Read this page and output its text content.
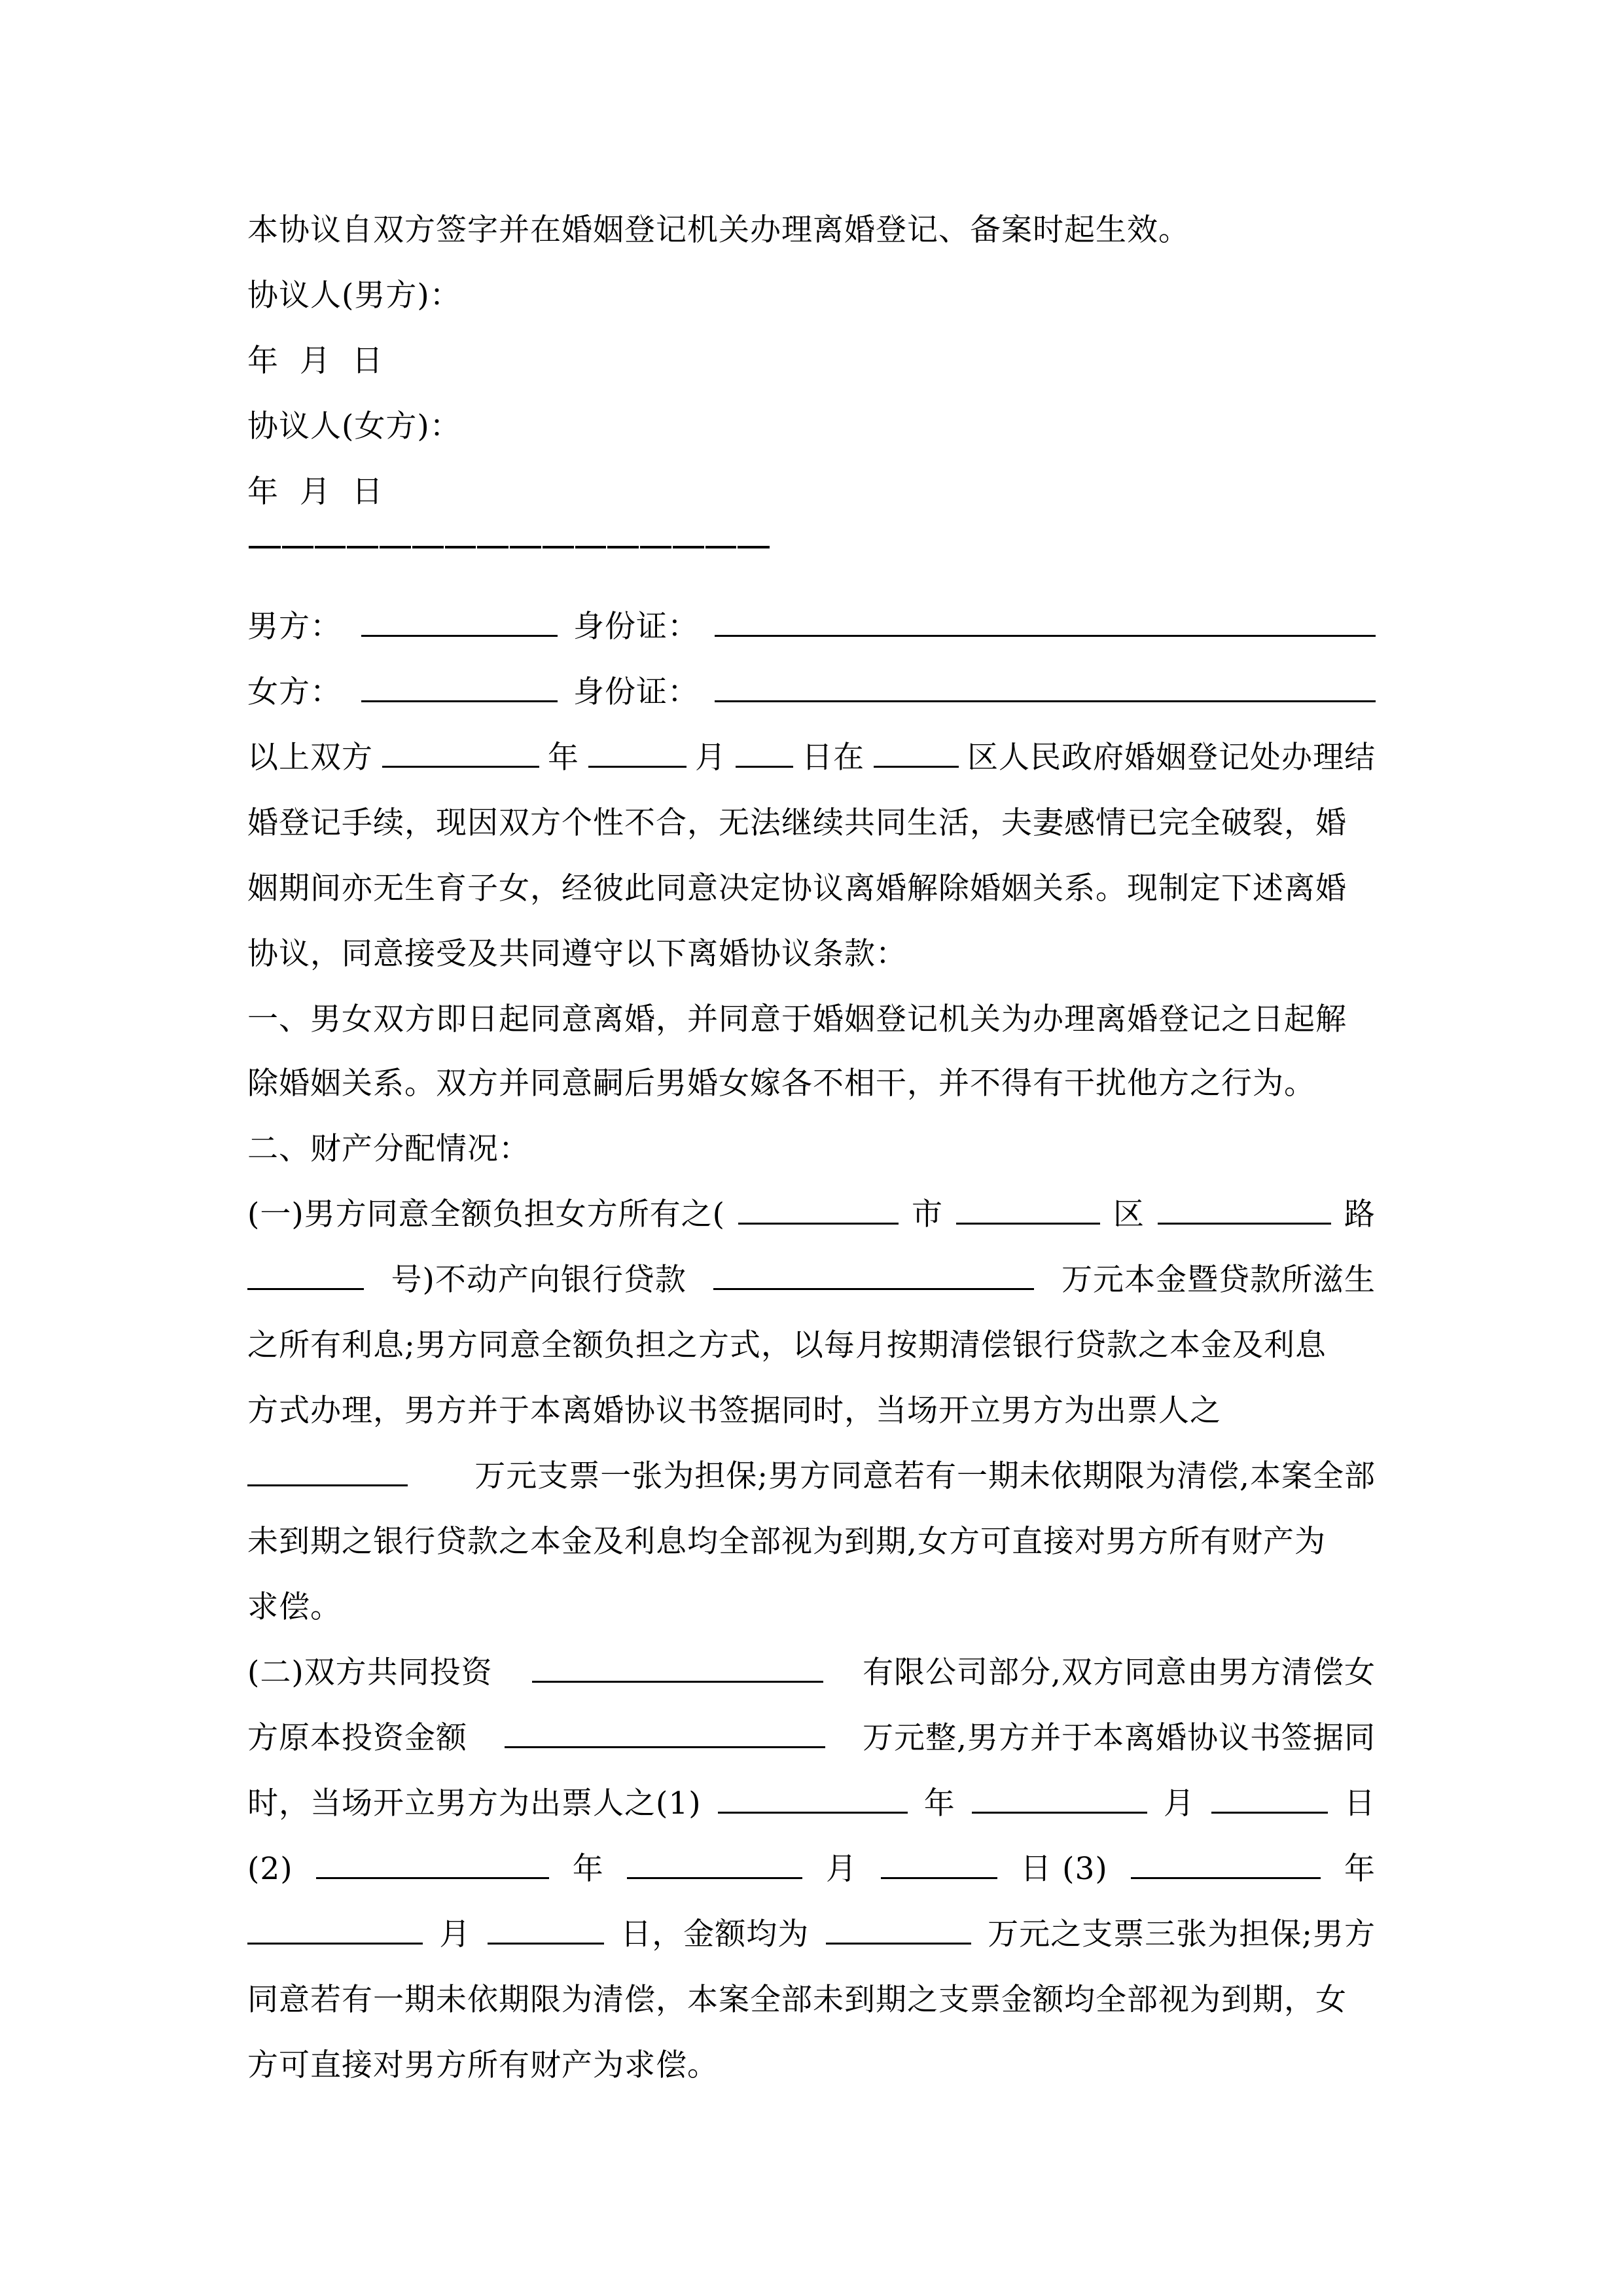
本协议自双方签字并在婚姻登记机关办理离婚登记、备案时起生效。
协议人(男方)：
年 月 日
协议人(女方)：
年 月 日
男方：	身份证：
女方：	身份证：
以上双方	年	月 日在	区人民政府婚姻登记处办理结
婚登记手续，现因双方个性不合，无法继续共同生活，夫妻感情已完全破裂，婚
姻期间亦无生育子女，经彼此同意决定协议离婚解除婚姻关系。现制定下述离婚
协议，同意接受及共同遵守以下离婚协议条款：
一、男女双方即日起同意离婚，并同意于婚姻登记机关为办理离婚登记之日起解
除婚姻关系。双方并同意嗣后男婚女嫁各不相干，并不得有干扰他方之行为。
二、财产分配情况：
(一)男方同意全额负担女方所有之(	市	区	路
号)不动产向银行贷款	万元本金暨贷款所滋生
之所有利息;男方同意全额负担之方式，以每月按期清偿银行贷款之本金及利息
方式办理，男方并于本离婚协议书签据同时，当场开立男方为出票人之
万元支票一张为担保;男方同意若有一期未依期限为清偿,本案全部
未到期之银行贷款之本金及利息均全部视为到期,女方可直接对男方所有财产为
求偿。
(二)双方共同投资	有限公司部分,双方同意由男方清偿女
方原本投资金额	万元整,男方并于本离婚协议书签据同
时，当场开立男方为出票人之(1)	年	月	日
(2)	年	月	日 (3)	年
月	日，金额均为	万元之支票三张为担保;男方
同意若有一期未依期限为清偿，本案全部未到期之支票金额均全部视为到期，女
方可直接对男方所有财产为求偿。
